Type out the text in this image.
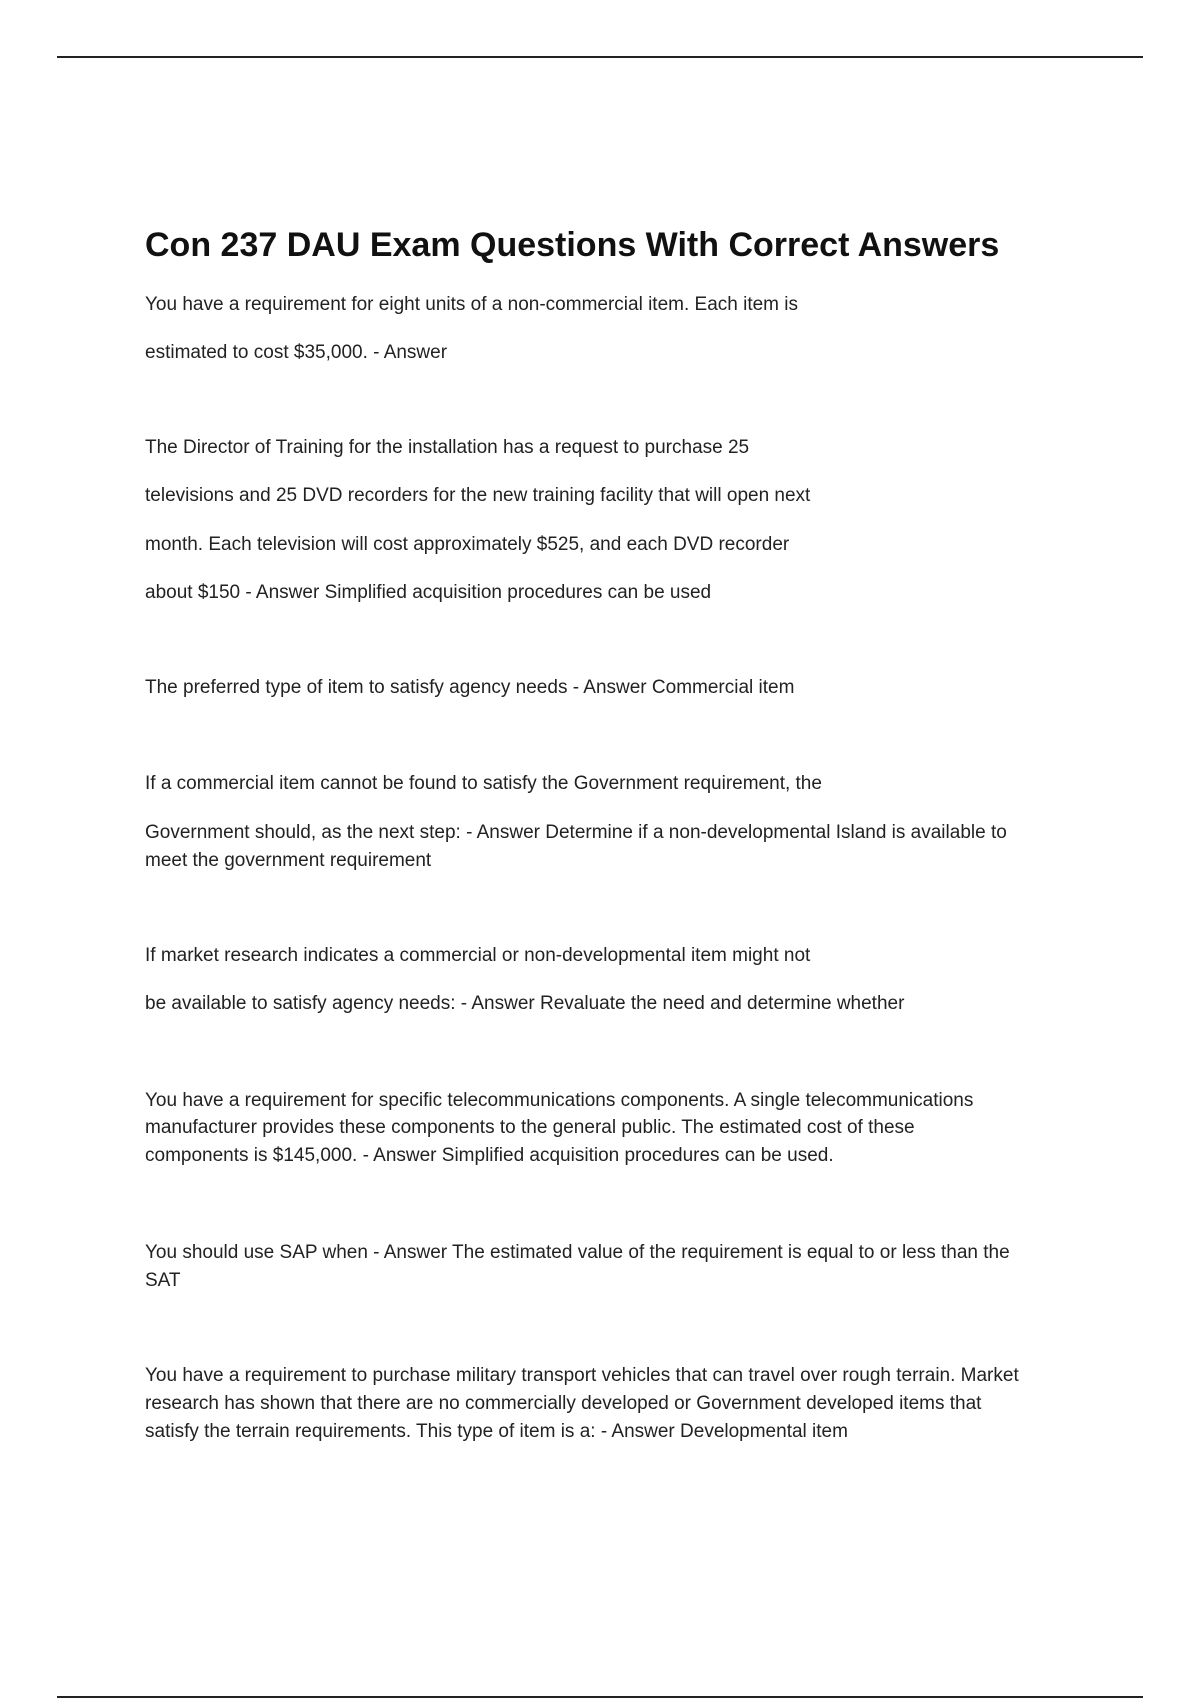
Con 237 DAU Exam Questions With Correct Answers
You have a requirement for eight units of a non-commercial item. Each item is
estimated to cost $35,000. - Answer
The Director of Training for the installation has a request to purchase 25
televisions and 25 DVD recorders for the new training facility that will open next
month. Each television will cost approximately $525, and each DVD recorder
about $150 - Answer Simplified acquisition procedures can be used
The preferred type of item to satisfy agency needs - Answer Commercial item
If a commercial item cannot be found to satisfy the Government requirement, the
Government should, as the next step: - Answer Determine if a non-developmental Island is available to
meet the government requirement
If market research indicates a commercial or non-developmental item might not
be available to satisfy agency needs: - Answer Revaluate the need and determine whether
You have a requirement for specific telecommunications components. A single telecommunications
manufacturer provides these components to the general public. The estimated cost of these
components is $145,000. - Answer Simplified acquisition procedures can be used.
You should use SAP when - Answer The estimated value of the requirement is equal to or less than the
SAT
You have a requirement to purchase military transport vehicles that can travel over rough terrain. Market
research has shown that there are no commercially developed or Government developed items that
satisfy the terrain requirements. This type of item is a: - Answer Developmental item
